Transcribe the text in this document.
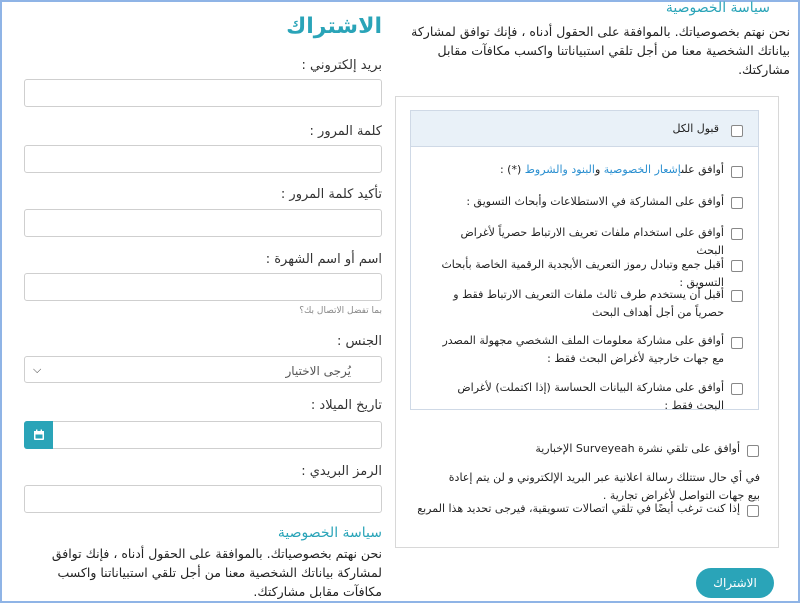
الاشتراك
بريد إلكتروني :
كلمة المرور :
تأكيد كلمة المرور :
اسم أو اسم الشهرة :
بما تفضل الاتصال بك؟
الجنس :
يُرجى الاختيار
⌵
تاريخ الميلاد :
الرمز البريدي :
سياسة الخصوصية
نحن نهتم بخصوصياتك. بالموافقة على الحقول أدناه ، فإنك توافق لمشاركة بياناتك الشخصية معنا من أجل تلقي استبياناتنا واكسب مكافآت مقابل مشاركتك.
سياسة الخصوصية
نحن نهتم بخصوصياتك. بالموافقة على الحقول أدناه ، فإنك توافق لمشاركة بياناتك الشخصية معنا من أجل تلقي استبياناتنا واكسب مكافآت مقابل مشاركتك.
قبول الكل
أوافق علىإشعار الخصوصية والبنود والشروط (*) :
أوافق على المشاركة في الاستطلاعات وأبحاث التسويق :
أوافق على استخدام ملفات تعريف الارتباط حصرياً لأغراض البحث
أقبل جمع وتبادل رموز التعريف الأبجدية الرقمية الخاصة بأبحاث التسويق :
أقبل أن يستخدم طرف ثالث ملفات التعريف الارتباط فقط و حصرياً من أجل أهداف البحث
أوافق على مشاركة معلومات الملف الشخصي مجهولة المصدر مع جهات خارجية لأغراض البحث فقط :
أوافق على مشاركة البيانات الحساسة (إذا اكتملت) لأغراض البحث فقط :
أوافق على تلقي نشرة Surveyeah الإخبارية
في أي حال ستتلك رسالة اعلانية عبر البريد الإلكتروني و لن يتم إعادة بيع جهات التواصل لأغراض تجارية .
إذا كنت ترغب أيضًا في تلقي اتصالات تسويقية، فيرجى تحديد هذا المربع
الاشتراك
